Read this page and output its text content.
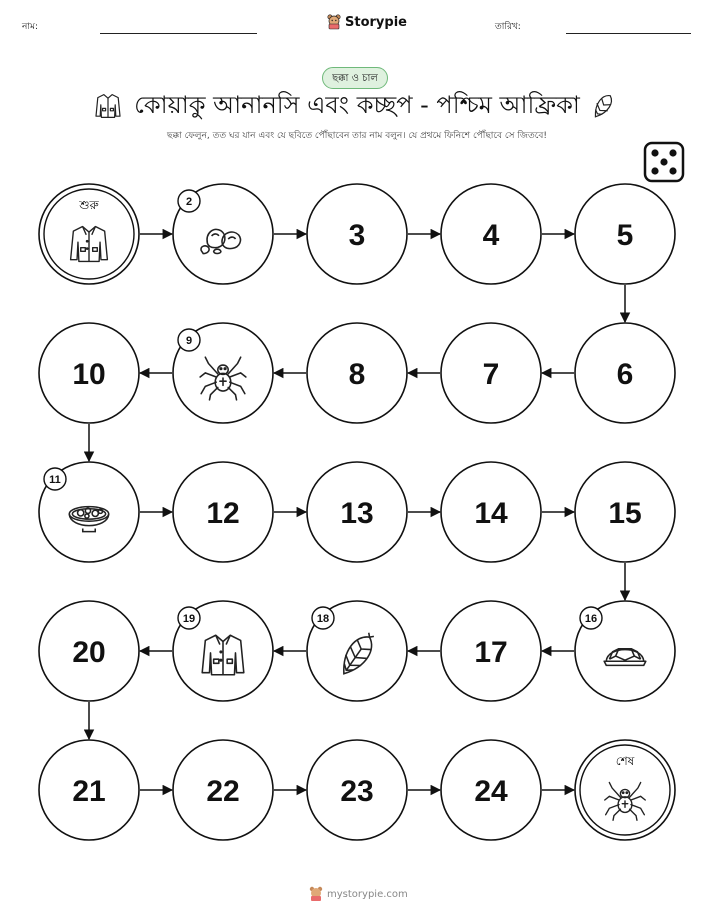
নাম:	Storypie	তারিখ:
ছক্কা ও চাল
কোয়াকু আনানসি এবং কচ্ছপ - পশ্চিম আফ্রিকা
ছক্কা ফেলুন, তত ঘর যান এবং যে ছবিতে পৌঁছাবেন তার নাম বলুন। যে প্রথমে ফিনিশে পৌঁছাবে সে জিতবে!
শুরু	2
3	4	5
6
7
8
9
10
11
12	13	14	15
16
17
18
19
20
21	22	23	24
শেষ
mystorypie.com
